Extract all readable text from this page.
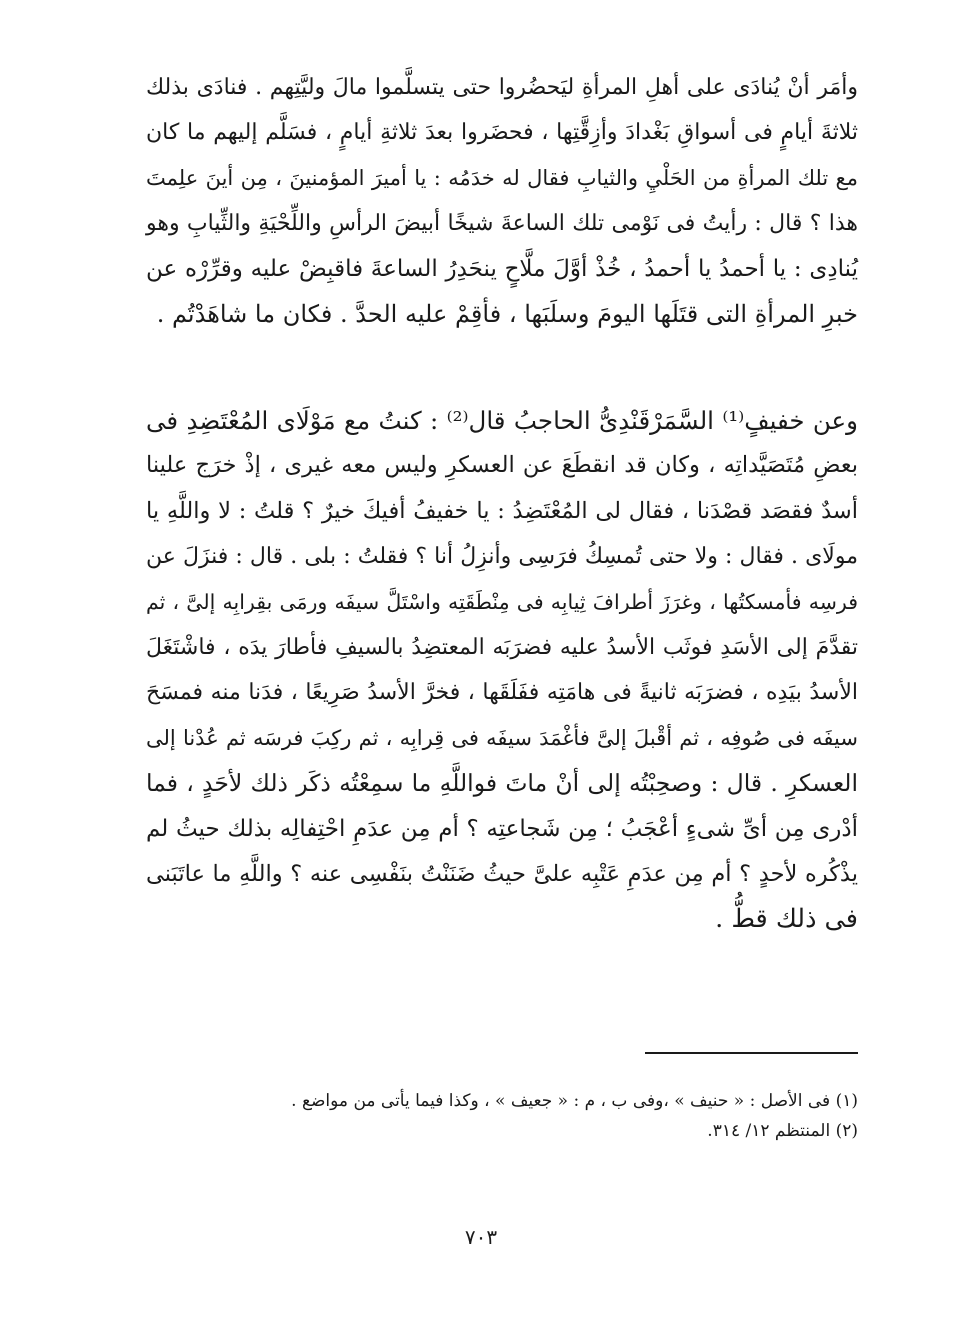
وأمَر أنْ يُنادَى على أهلِ المرأةِ ليَحضُروا حتى يتسلَّموا مالَ وليَّتِهم . فنادَى بذلك
ثلاثةَ أيامٍ فى أسواقِ بَغْدادَ وأزِقَّتِها ، فحضَروا بعدَ ثلاثةِ أيامٍ ، فسَلَّم إليهم ما كان
مع تلك المرأةِ من الحَلْيِ والثيابِ فقال له خدَمُه : يا أميرَ المؤمنينَ ، مِن أينَ علِمتَ
هذا ؟ قال : رأيتُ فى نَوْمى تلك الساعةَ شيخًا أبيضَ الرأسِ واللِّحْيَةِ والثِّيابِ وهو
يُنادِى : يا أحمدُ يا أحمدُ ، خُذْ أوَّلَ ملَّاحٍ ينحَدِرُ الساعةَ فاقبِضْ عليه وقرِّرْه عن
خبرِ المرأةِ التى قتَلَها اليومَ وسلَبَها ، فأقِمْ عليه الحدَّ . فكان ما شاهَدْتُم .
وعن خفيفٍ⁽¹⁾ السَّمَرْقَنْدِىُّ الحاجبُ قال⁽²⁾ : كنتُ مع مَوْلَاى المُعْتَضِدِ فى
بعضِ مُتَصَيَّداتِه ، وكان قد انقطَعَ عن العسكرِ وليس معه غيرى ، إذْ خرَج علينا
أسدٌ فقصَد قصْدَنا ، فقال لى المُعْتَضِدُ : يا خفيفُ أفيكَ خيرٌ ؟ قلتُ : لا واللَّهِ يا
مولَاى . فقال : ولا حتى تُمسِكُ فرَسِى وأنزِلُ أنا ؟ فقلتُ : بلى . قال : فنزَلَ عن
فرسِه فأمسكتُها ، وغرَزَ أطرافَ ثِيابِه فى مِنْطَقَتِه واسْتَلَّ سيفَه ورمَى بقِرابِه إلىَّ ، ثم
تقدَّمَ إلى الأسَدِ فوثَب الأسدُ عليه فضرَبَه المعتضِدُ بالسيفِ فأطارَ يدَه ، فاشْتَغَلَ
الأسدُ بيَدِه ، فضرَبَه ثانيةً فى هامَتِه ففَلَقَها ، فخرَّ الأسدُ صَرِيعًا ، فدَنا منه فمسَحَ
سيفَه فى صُوفِه ، ثم أقْبلَ إلىَّ فأغْمَدَ سيفَه فى قِرابِه ، ثم ركِبَ فرسَه ثم عُدْنا إلى
العسكرِ . قال : وصحِبْتُه إلى أنْ ماتَ فواللَّهِ ما سمِعْتُه ذكَر ذلك لأحَدٍ ، فما
أدْرى مِن أىِّ شىءٍ أعْجَبُ ؛ مِن شَجاعتِه ؟ أم مِن عدَمِ احْتِفالِه بذلك حيثُ لم
يذْكُره لأحدٍ ؟ أم مِن عدَمِ عَتْبِه علىَّ حيثُ ضَنَنْتُ بنَفْسِى عنه ؟ واللَّهِ ما عاتَبَنى
فى ذلك قطُّ .
(١) فى الأصل : « حنيف » ،وفى ب ، م : « جعيف » ، وكذا فيما يأتى من مواضع .
(٢) المنتظم ١٢/ ٣١٤.
٧٠٣
